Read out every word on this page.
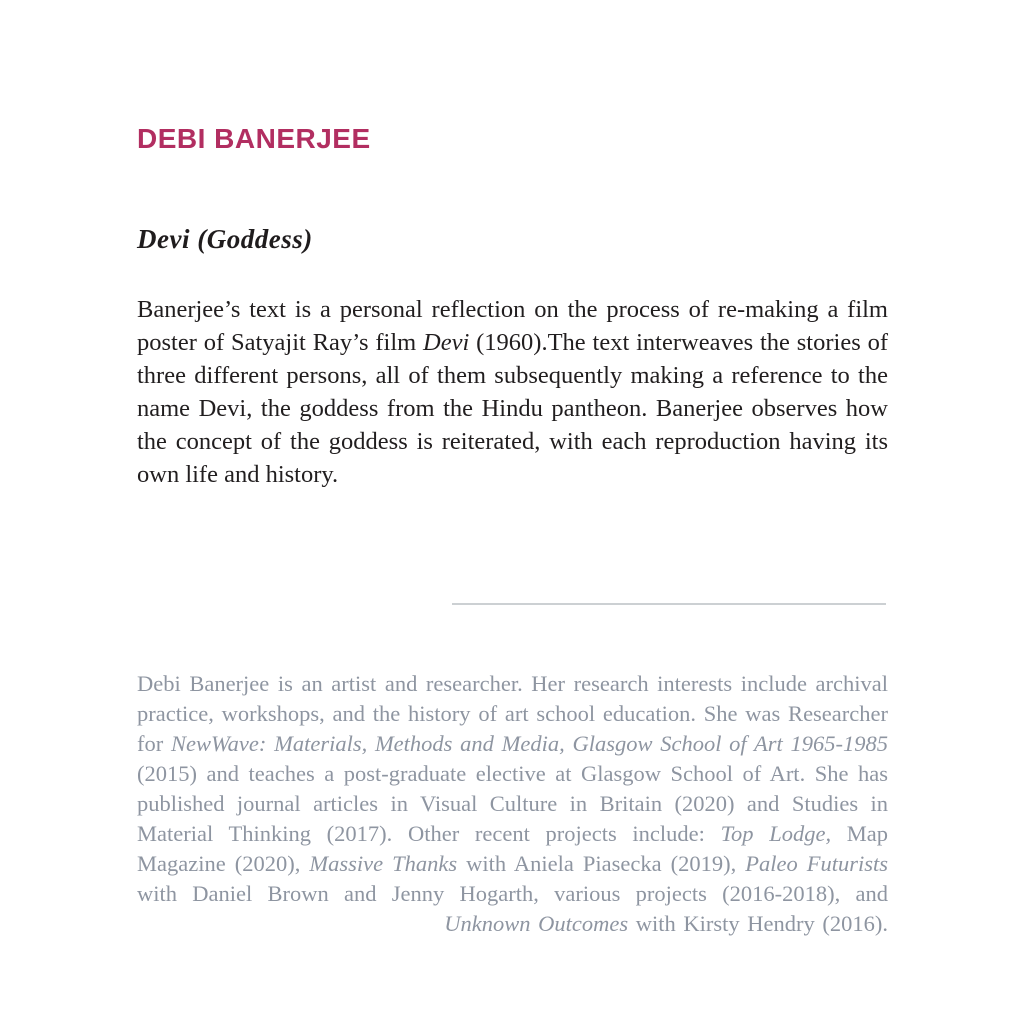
DEBI BANERJEE
Devi (Goddess)

Banerjee’s text is a personal reflection on the process of re-making a film poster of Satyajit Ray’s film Devi (1960).The text interweaves the stories of three different persons, all of them subsequently making a reference to the name Devi, the goddess from the Hindu pantheon. Banerjee observes how the concept of the goddess is reiterated, with each reproduction having its own life and history.

Debi Banerjee is an artist and researcher. Her research interests include archival practice, workshops, and the history of art school education. She was Researcher for NewWave: Materials, Methods and Media, Glasgow School of Art 1965-1985 (2015) and teaches a post-graduate elective at Glasgow School of Art. She has published journal articles in Visual Culture in Britain (2020) and Studies in Material Thinking (2017). Other recent projects include: Top Lodge, Map Magazine (2020), Massive Thanks with Aniela Piasecka (2019), Paleo Futurists with Daniel Brown and Jenny Hogarth, various projects (2016-2018), and Unknown Outcomes with Kirsty Hendry (2016).
